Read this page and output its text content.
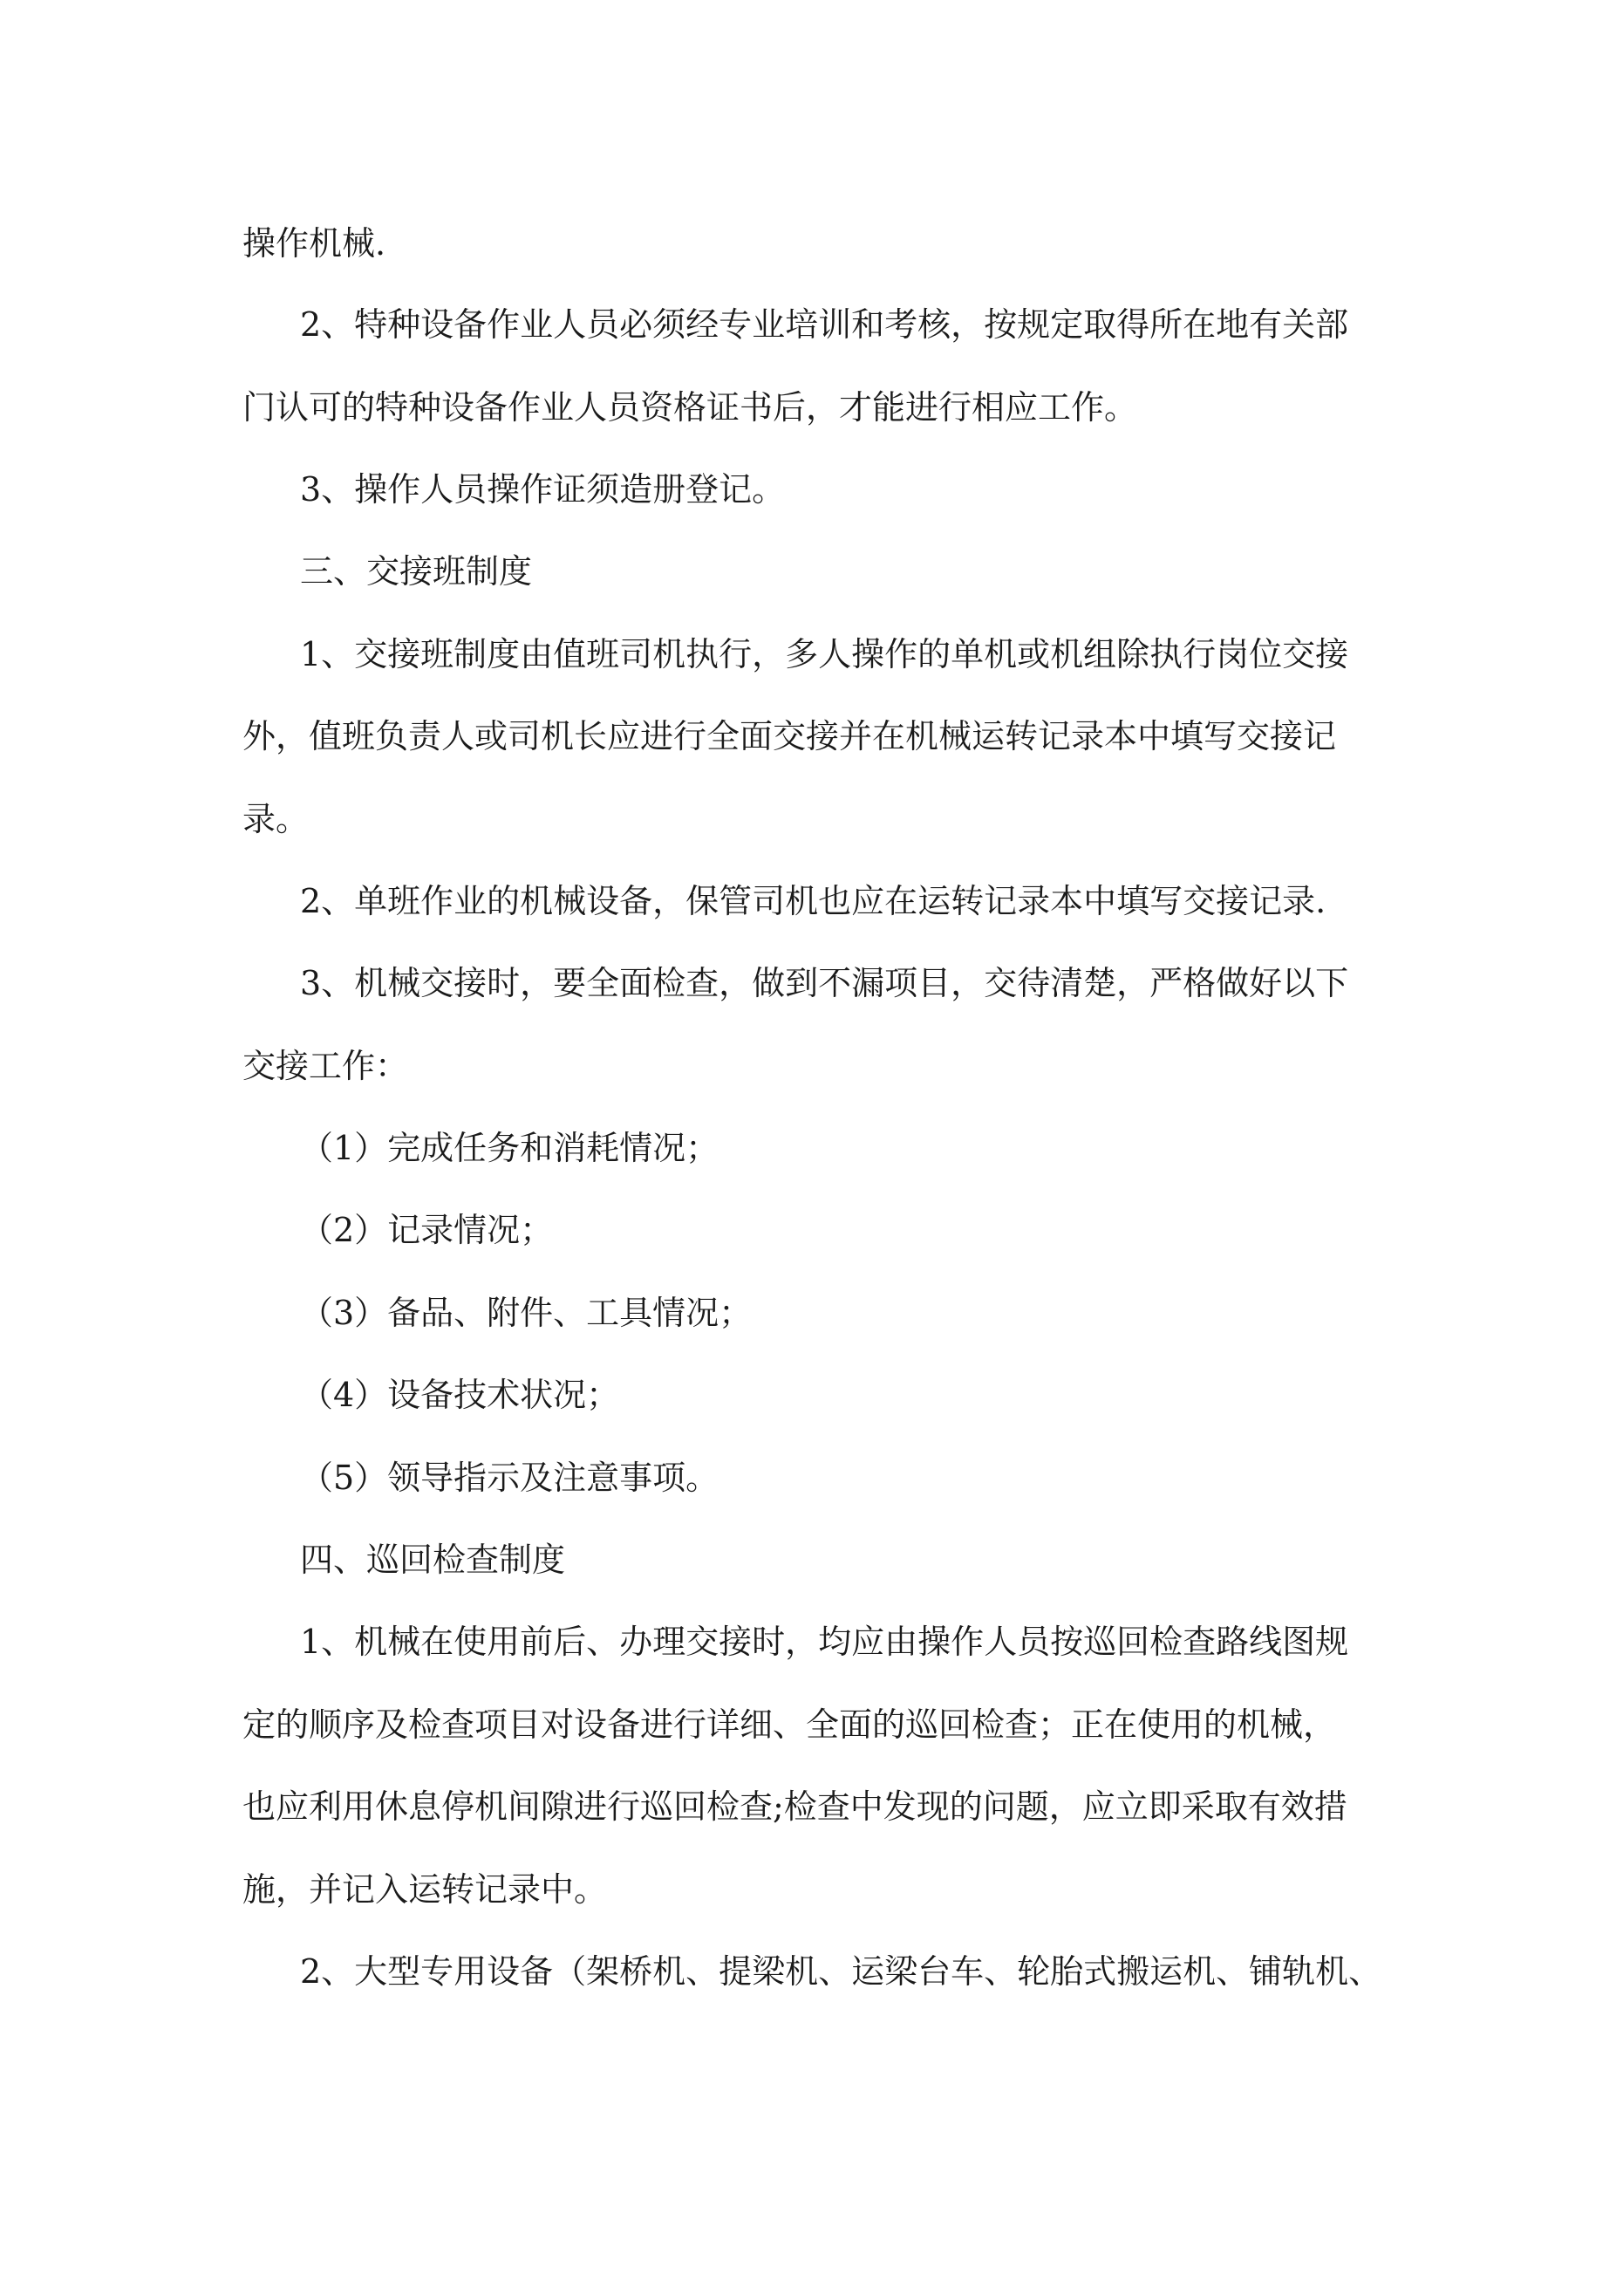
操作机械.
2、特种设备作业人员必须经专业培训和考核，按规定取得所在地有关部
门认可的特种设备作业人员资格证书后，才能进行相应工作。
3、操作人员操作证须造册登记。
三、交接班制度
1、交接班制度由值班司机执行，多人操作的单机或机组除执行岗位交接
外，值班负责人或司机长应进行全面交接并在机械运转记录本中填写交接记
录。
2、单班作业的机械设备，保管司机也应在运转记录本中填写交接记录.
3、机械交接时，要全面检查，做到不漏项目，交待清楚，严格做好以下
交接工作：
（1）完成任务和消耗情况；
（2）记录情况；
（3）备品、附件、工具情况；
（4）设备技术状况；
（5）领导指示及注意事项。
四、巡回检查制度
1、机械在使用前后、办理交接时，均应由操作人员按巡回检查路线图规
定的顺序及检查项目对设备进行详细、全面的巡回检查；正在使用的机械，
也应利用休息停机间隙进行巡回检查;检查中发现的问题，应立即采取有效措
施，并记入运转记录中。
2、大型专用设备（架桥机、提梁机、运梁台车、轮胎式搬运机、铺轨机、
